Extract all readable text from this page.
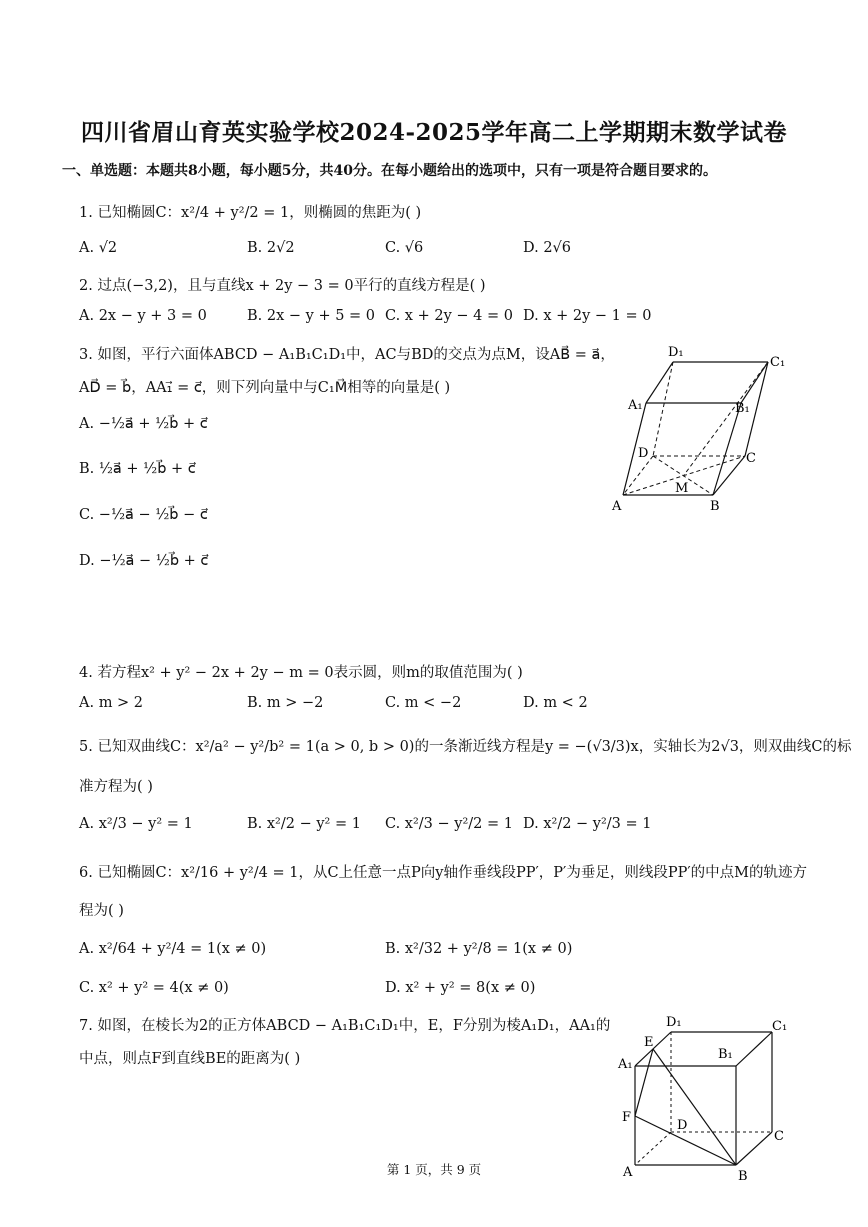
四川省眉山育英实验学校2024-2025学年高二上学期期末数学试卷
一、单选题：本题共8小题，每小题5分，共40分。在每小题给出的选项中，只有一项是符合题目要求的。
1. 已知椭圆C：x²/4 + y²/2 = 1，则椭圆的焦距为( )
A. √2	B. 2√2	C. √6	D. 2√6
2. 过点(−3,2)，且与直线x + 2y − 3 = 0平行的直线方程是( )
A. 2x − y + 3 = 0	B. 2x − y + 5 = 0 C. x + 2y − 4 = 0 D. x + 2y − 1 = 0
3. 如图，平行六面体ABCD − A₁B₁C₁D₁中，AC与BD的交点为点M，设AB⃗ = a⃗，
AD⃗ = b⃗，AA₁⃗ = c⃗，则下列向量中与C₁M⃗相等的向量是( )
A. −½a⃗ + ½b⃗ + c⃗
B. ½a⃗ + ½b⃗ + c⃗
C. −½a⃗ − ½b⃗ − c⃗
D. −½a⃗ − ½b⃗ + c⃗
D₁
C₁
A₁	B₁
D	C
M
A	B
4. 若方程x² + y² − 2x + 2y − m = 0表示圆，则m的取值范围为( )
A. m > 2	B. m > −2	C. m < −2	D. m < 2
5. 已知双曲线C：x²/a² − y²/b² = 1(a > 0, b > 0)的一条渐近线方程是y = −(√3/3)x，实轴长为2√3，则双曲线C的标
准方程为( )
A. x²/3 − y² = 1	B. x²/2 − y² = 1 C. x²/3 − y²/2 = 1 D. x²/2 − y²/3 = 1
6. 已知椭圆C：x²/16 + y²/4 = 1，从C上任意一点P向y轴作垂线段PP′，P′为垂足，则线段PP′的中点M的轨迹方
程为( )
A. x²/64 + y²/4 = 1(x ≠ 0)	B. x²/32 + y²/8 = 1(x ≠ 0)
C. x² + y² = 4(x ≠ 0)	D. x² + y² = 8(x ≠ 0)
7. 如图，在棱长为2的正方体ABCD − A₁B₁C₁D₁中，E，F分别为棱A₁D₁，AA₁的
中点，则点F到直线BE的距离为( )
E
D₁	C₁
A₁
B₁
F
D
C
A	B
第 1 页，共 9 页
